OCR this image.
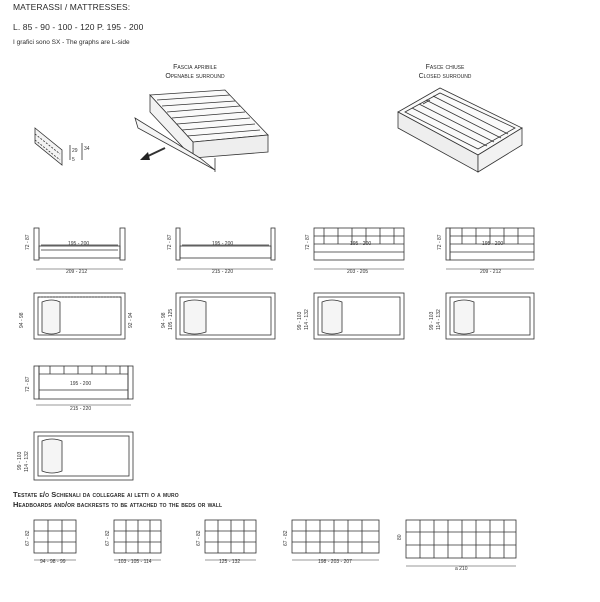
MATERASSI / MATTRESSES:
L. 85 - 90 - 100 - 120 P. 195 - 200
I grafici sono SX - The graphs are L-side
Fascia apribile
Openable surround
Fasce chiuse
Closed surround
29 34
5
72 - 87	195 - 200
209 - 212
72 - 87	195 - 200
215 - 220
72 - 87	195 - 200
203 - 205
72 - 87	195 - 200
209 - 212
94 - 98	92 - 94	94 - 98 105 - 125	99 - 103 114 - 132	99 - 103 114 - 132
72 - 87	195 - 200
215 - 220
99 - 103 114 - 132
Testate e/o Schienali da collegare ai letti o a muro
Headboards and/or backrests to be attached to the beds or wall
67 - 82
94 - 98 - 99
67 - 82
103 - 105 - 114
67 - 82
125 - 132
67 - 82
198 - 203 - 207
80
a 210
